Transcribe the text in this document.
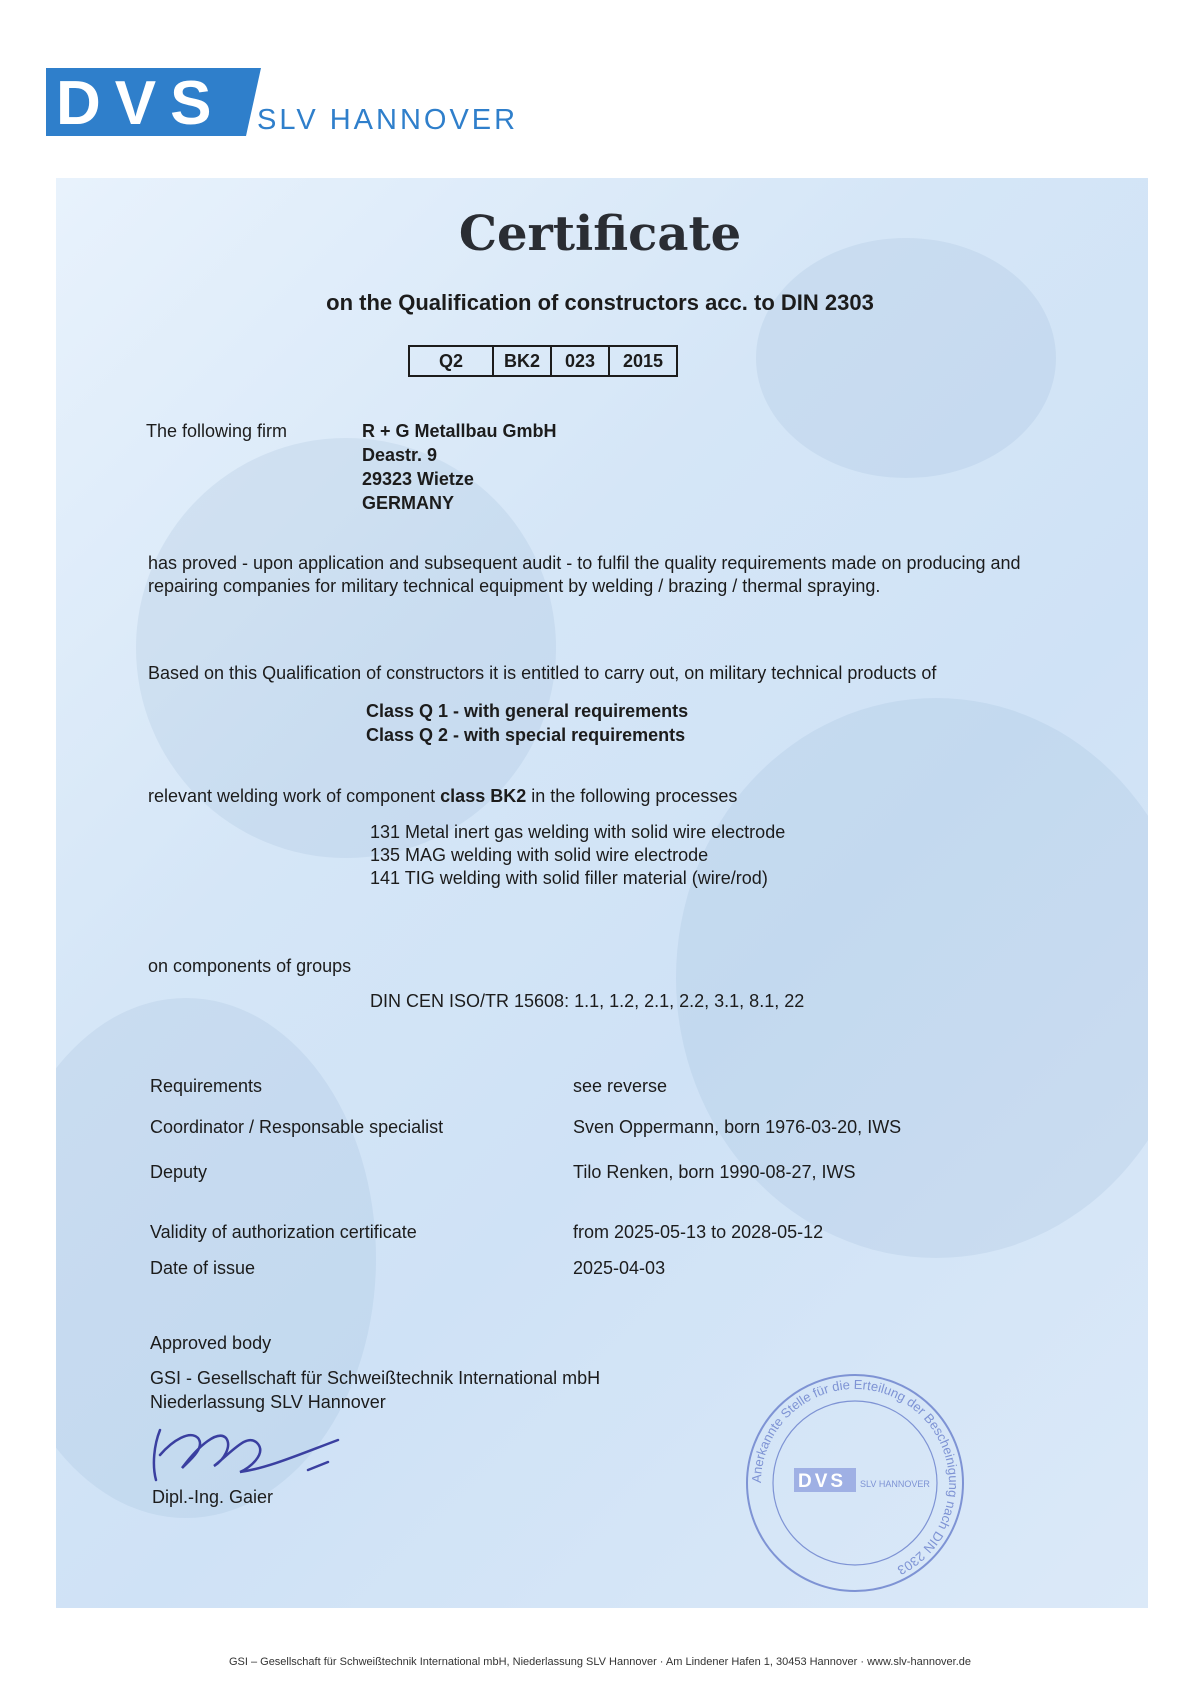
DVS SLV HANNOVER
Certificate
on the Qualification of constructors acc. to DIN 2303
Q2	BK2	023	2015
The following firm	R + G Metallbau GmbH
Deastr. 9
29323 Wietze
GERMANY
has proved - upon application and subsequent audit - to fulfil the quality requirements made on producing and repairing companies for military technical equipment by welding / brazing / thermal spraying.
Based on this Qualification of constructors it is entitled to carry out, on military technical products of
Class Q 1 - with general requirements
Class Q 2 - with special requirements
relevant welding work of component class BK2 in the following processes
131 Metal inert gas welding with solid wire electrode
135 MAG welding with solid wire electrode
141 TIG welding with solid filler material (wire/rod)
on components of groups
DIN CEN ISO/TR 15608: 1.1, 1.2, 2.1, 2.2, 3.1, 8.1, 22
Requirements	see reverse
Coordinator / Responsable specialist	Sven Oppermann, born 1976-03-20, IWS
Deputy	Tilo Renken, born 1990-08-27, IWS
Validity of authorization certificate	from 2025-05-13 to 2028-05-12
Date of issue	2025-04-03
Approved body
GSI - Gesellschaft für Schweißtechnik International mbH
Niederlassung SLV Hannover
Dipl.-Ing. Gaier
Anerkannte Stelle für die Erteilung der Bescheinigung nach DIN 2303
DVS SLV HANNOVER
GSI – Gesellschaft für Schweißtechnik International mbH, Niederlassung SLV Hannover · Am Lindener Hafen 1, 30453 Hannover · www.slv-hannover.de
